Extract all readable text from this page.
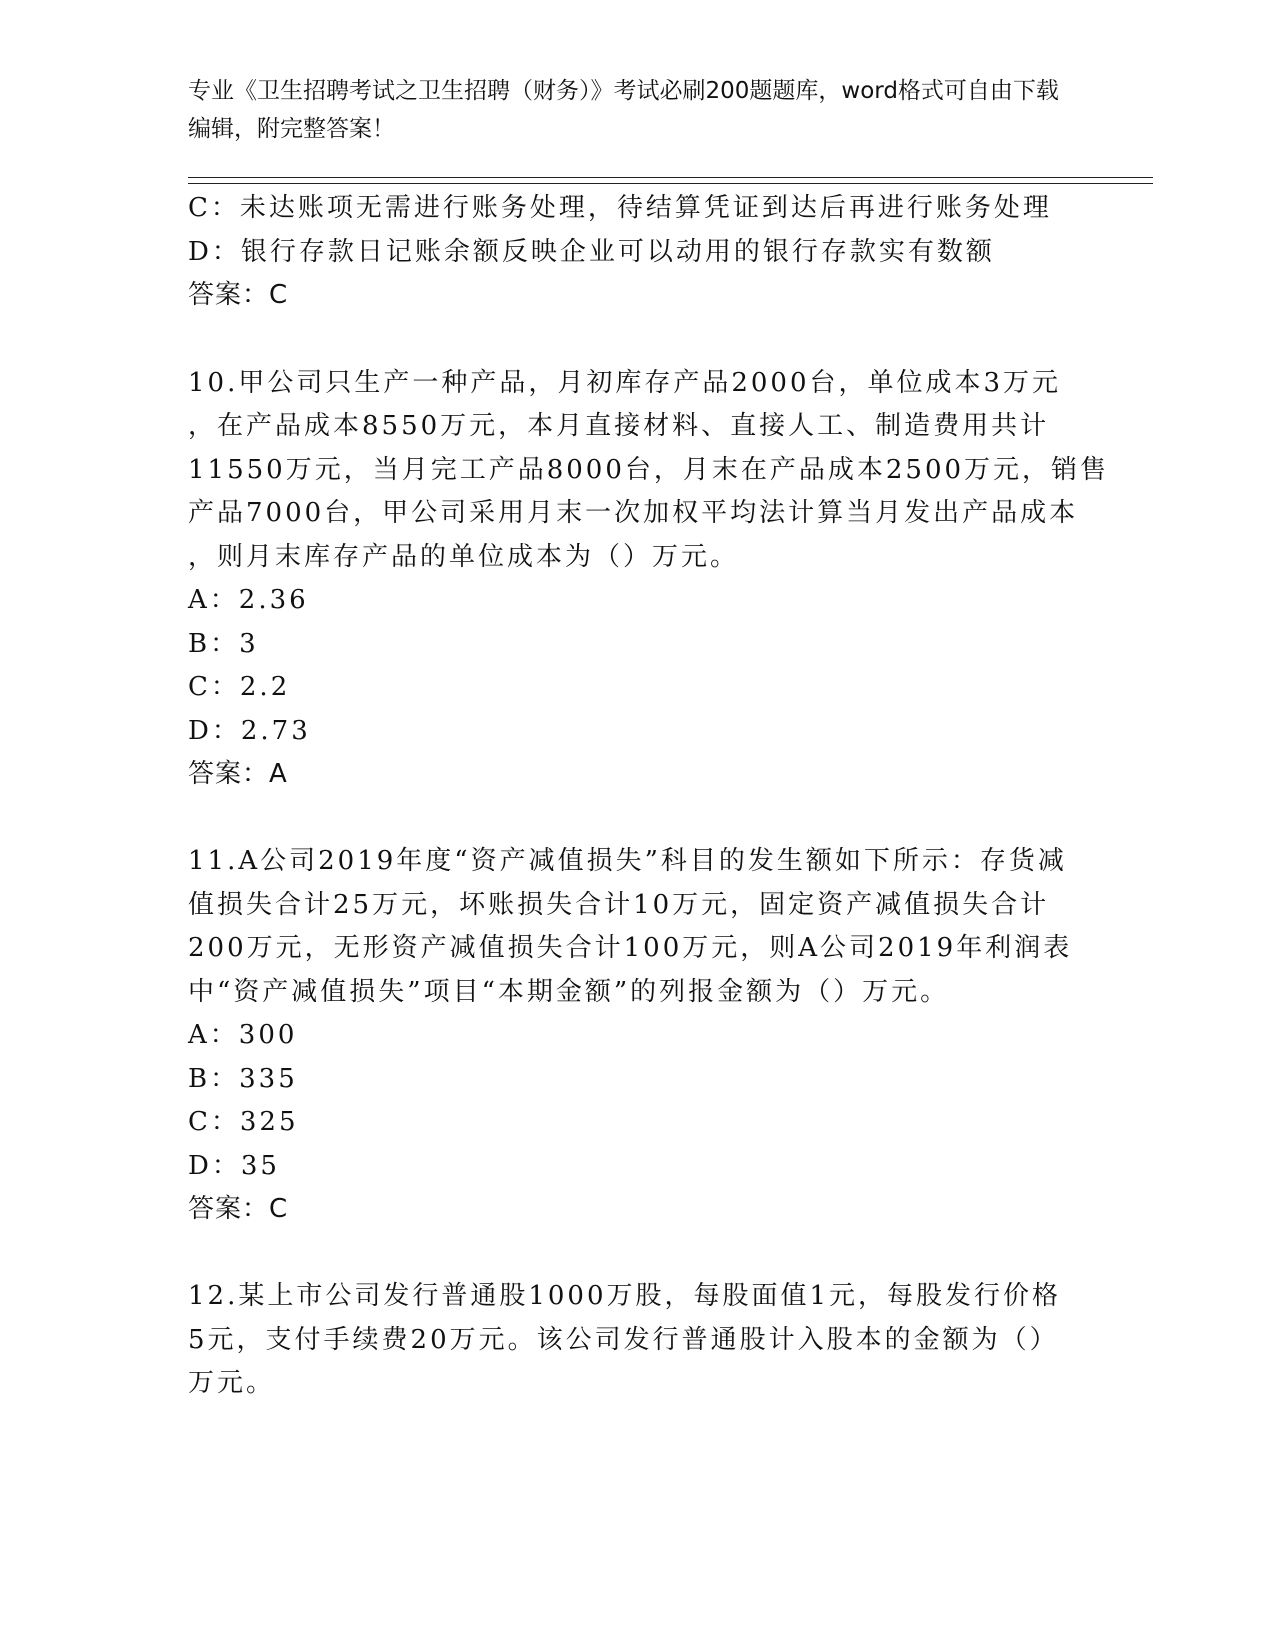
专业《卫生招聘考试之卫生招聘（财务）》考试必刷200题题库，word格式可自由下载编辑，附完整答案！
C：未达账项无需进行账务处理，待结算凭证到达后再进行账务处理
D：银行存款日记账余额反映企业可以动用的银行存款实有数额
答案：C
10.甲公司只生产一种产品，月初库存产品2000台，单位成本3万元
，在产品成本8550万元，本月直接材料、直接人工、制造费用共计
11550万元，当月完工产品8000台，月末在产品成本2500万元，销售
产品7000台，甲公司采用月末一次加权平均法计算当月发出产品成本
，则月末库存产品的单位成本为（）万元。
A：2.36
B：3
C：2.2
D：2.73
答案：A
11.A公司2019年度“资产减值损失”科目的发生额如下所示：存货减
值损失合计25万元，坏账损失合计10万元，固定资产减值损失合计
200万元，无形资产减值损失合计100万元，则A公司2019年利润表
中“资产减值损失”项目“本期金额”的列报金额为（）万元。
A：300
B：335
C：325
D：35
答案：C
12.某上市公司发行普通股1000万股，每股面值1元，每股发行价格
5元，支付手续费20万元。该公司发行普通股计入股本的金额为（）
万元。
